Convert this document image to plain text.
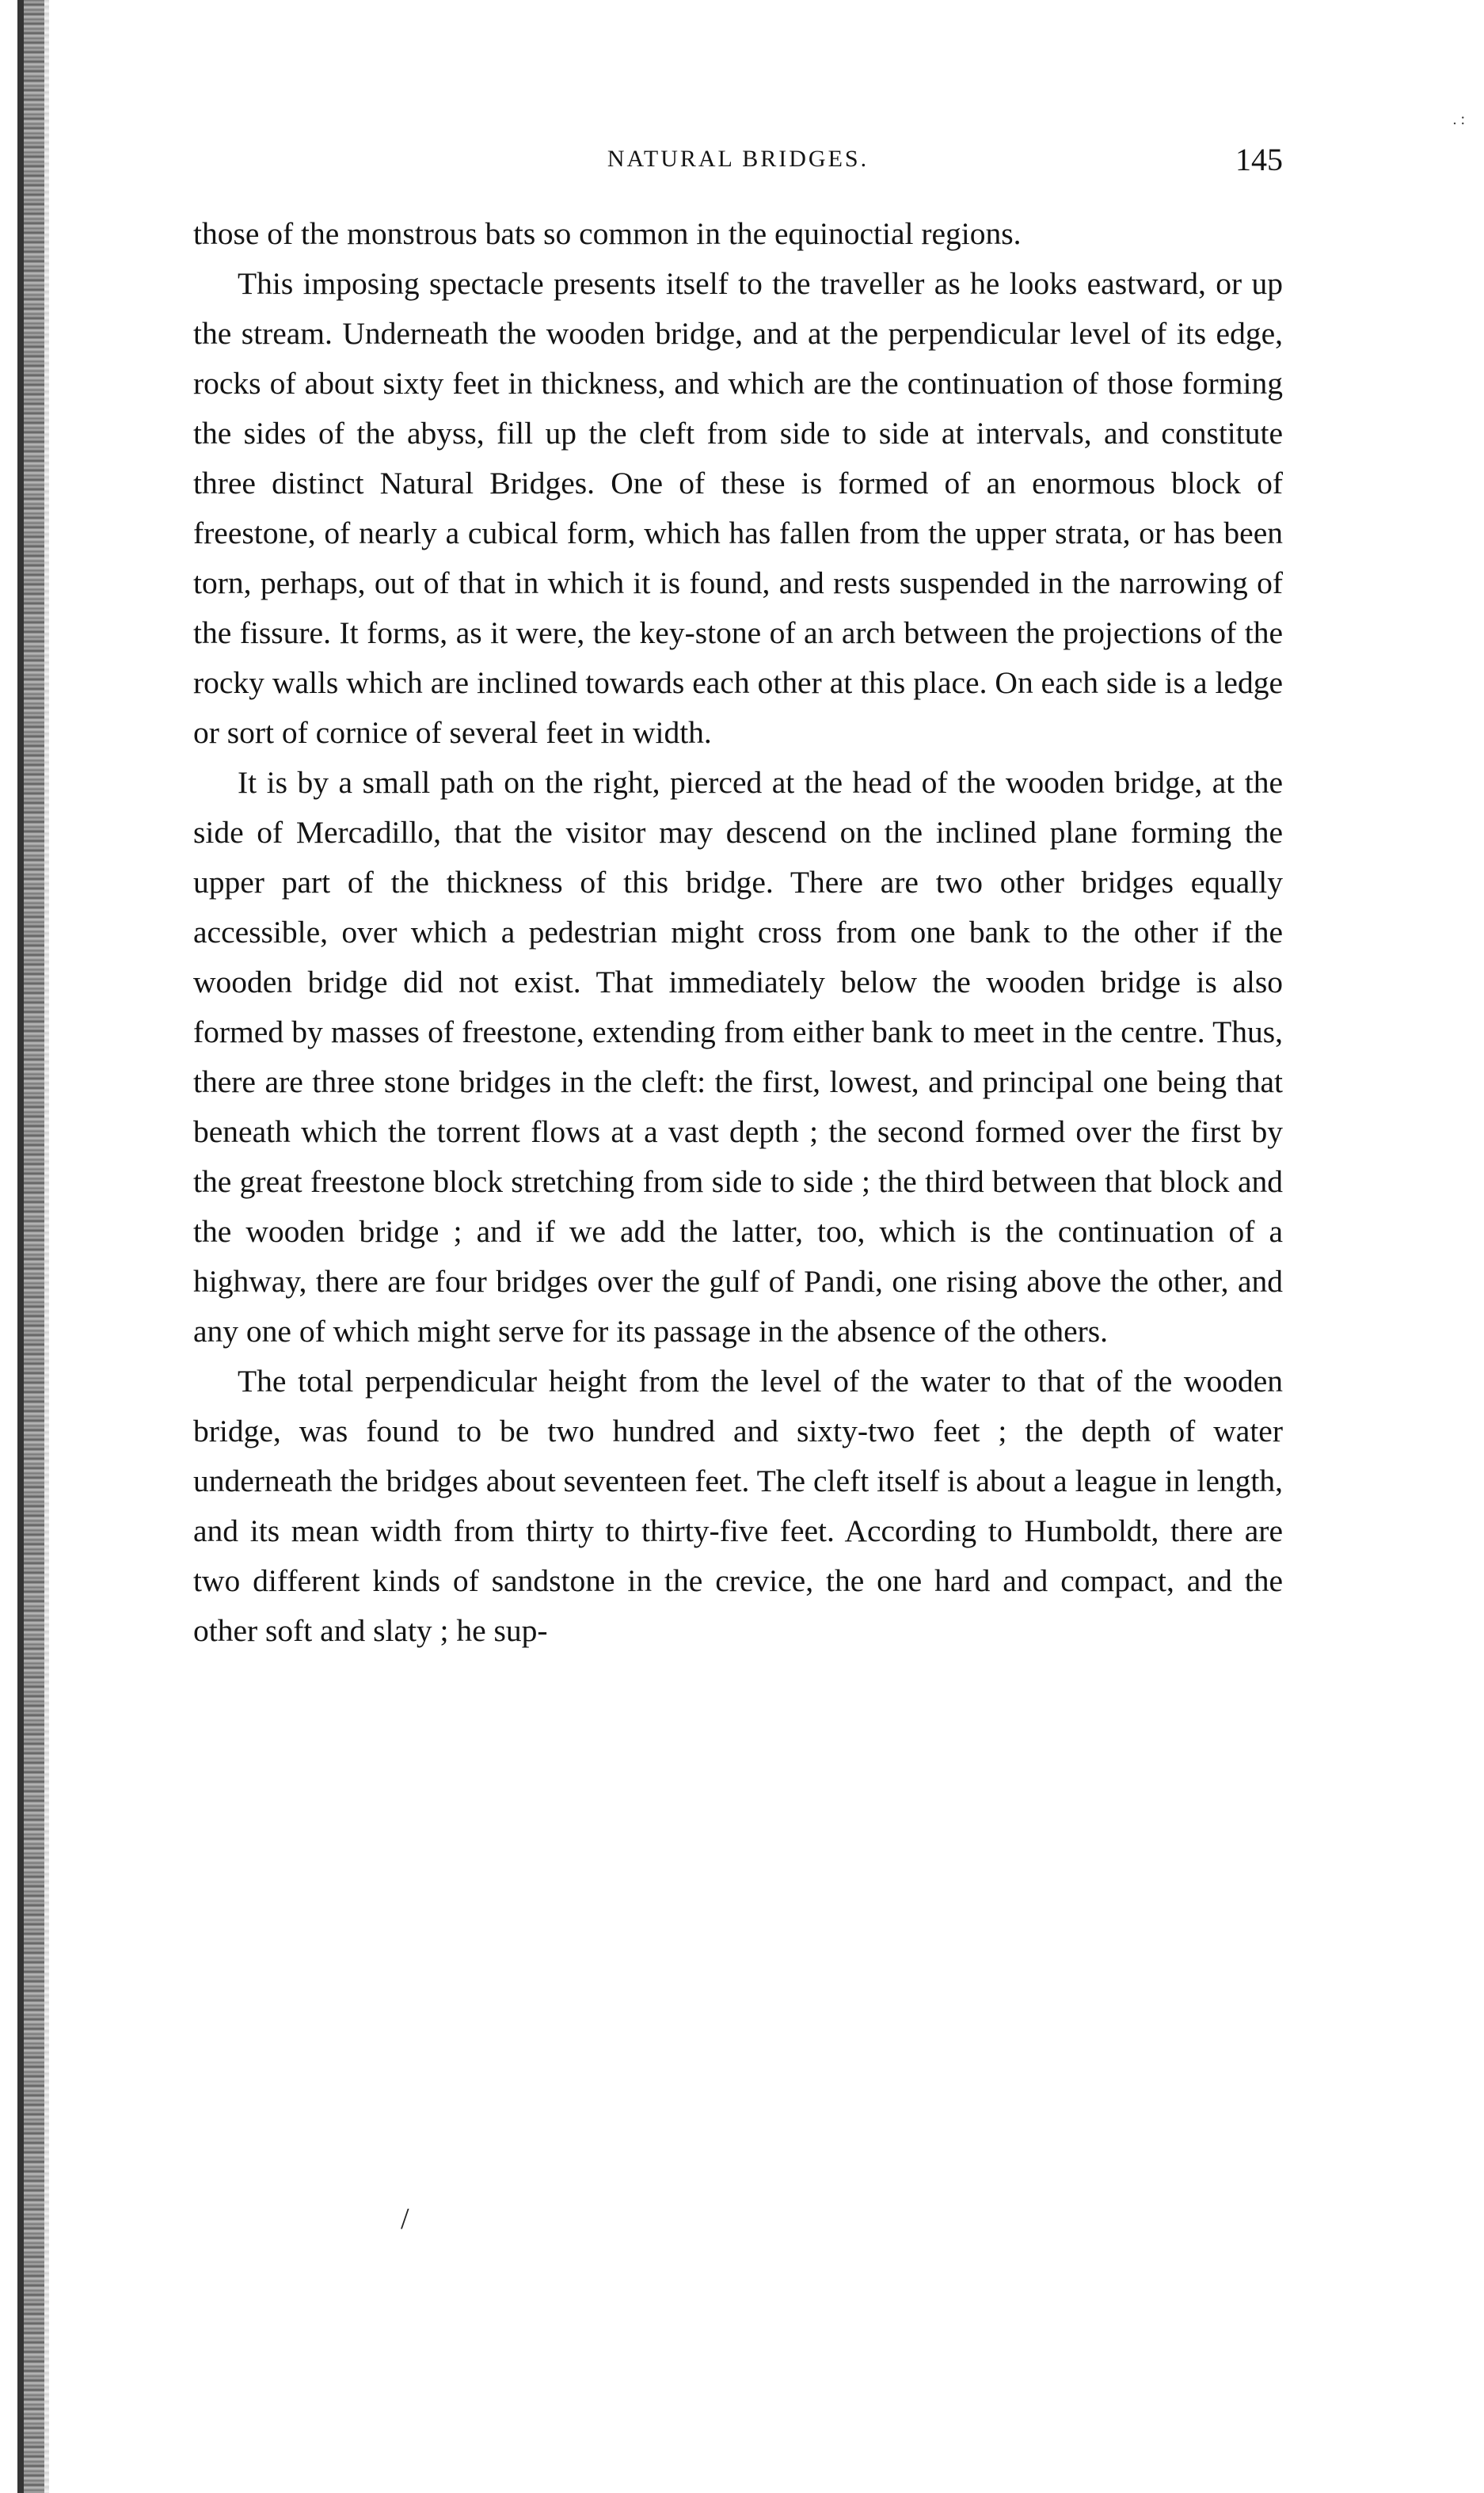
. :
NATURAL BRIDGES.	145

those of the monstrous bats so common in the equinoctial regions.

This imposing spectacle presents itself to the traveller as he looks eastward, or up the stream. Underneath the wooden bridge, and at the perpendicular level of its edge, rocks of about sixty feet in thickness, and which are the continuation of those forming the sides of the abyss, fill up the cleft from side to side at intervals, and constitute three distinct Natural Bridges. One of these is formed of an enormous block of freestone, of nearly a cubical form, which has fallen from the upper strata, or has been torn, perhaps, out of that in which it is found, and rests suspended in the narrowing of the fissure. It forms, as it were, the key-stone of an arch between the projections of the rocky walls which are inclined towards each other at this place. On each side is a ledge or sort of cornice of several feet in width.

It is by a small path on the right, pierced at the head of the wooden bridge, at the side of Mercadillo, that the visitor may descend on the inclined plane forming the upper part of the thickness of this bridge. There are two other bridges equally accessible, over which a pedestrian might cross from one bank to the other if the wooden bridge did not exist. That immediately below the wooden bridge is also formed by masses of freestone, extending from either bank to meet in the centre. Thus, there are three stone bridges in the cleft: the first, lowest, and principal one being that beneath which the torrent flows at a vast depth ; the second formed over the first by the great freestone block stretching from side to side ; the third between that block and the wooden bridge ; and if we add the latter, too, which is the continuation of a highway, there are four bridges over the gulf of Pandi, one rising above the other, and any one of which might serve for its passage in the absence of the others.

The total perpendicular height from the level of the water to that of the wooden bridge, was found to be two hundred and sixty-two feet ; the depth of water underneath the bridges about seventeen feet. The cleft itself is about a league in length, and its mean width from thirty to thirty-five feet. According to Humboldt, there are two different kinds of sandstone in the crevice, the one hard and compact, and the other soft and slaty ; he sup-

/
